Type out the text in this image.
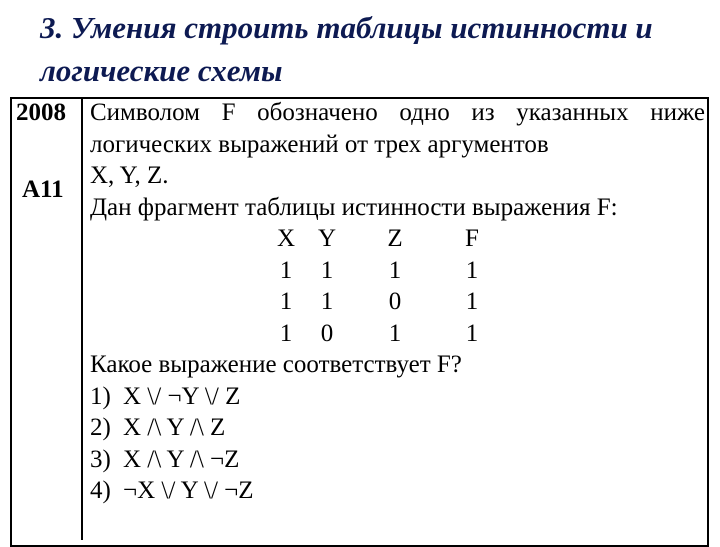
3. Умения строить таблицы истинности и
логические схемы
2008
А11
Символом F обозначено одно из указанных ниже
логических выражений от трех аргументов
X, Y, Z.
Дан фрагмент таблицы истинности выражения F:
X Y Z	F
1	1	1	1
1	1	0	1
1	0	1	1
Какое выражение соответствует F?
1) X \/ ¬Y \/ Z
2) X /\ Y /\ Z
3) X /\ Y /\ ¬Z
4) ¬X \/ Y \/ ¬Z
